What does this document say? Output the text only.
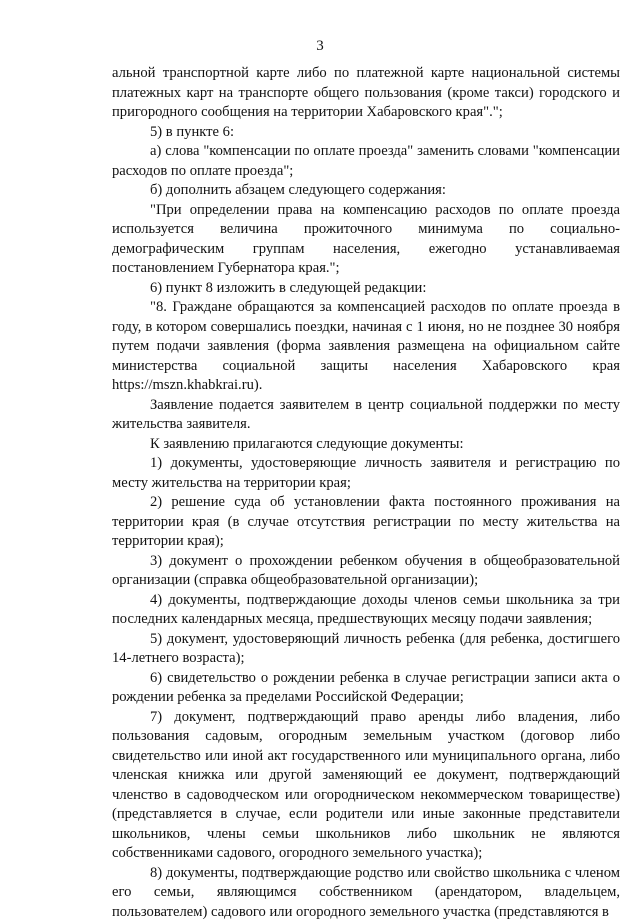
3

альной транспортной карте либо по платежной карте национальной системы платежных карт на транспорте общего пользования (кроме такси) городского и пригородного сообщения на территории Хабаровского края".";

5) в пункте 6:

а) слова "компенсации по оплате проезда" заменить словами "компенсации расходов по оплате проезда";

б) дополнить абзацем следующего содержания:

"При определении права на компенсацию расходов по оплате проезда используется величина прожиточного минимума по социально-демографическим группам населения, ежегодно устанавливаемая постановлением Губернатора края.";

6) пункт 8 изложить в следующей редакции:

"8. Граждане обращаются за компенсацией расходов по оплате проезда в году, в котором совершались поездки, начиная с 1 июня, но не позднее 30 ноября путем подачи заявления (форма заявления размещена на официальном сайте министерства социальной защиты населения Хабаровского края https://mszn.khabkrai.ru).

Заявление подается заявителем в центр социальной поддержки по месту жительства заявителя.

К заявлению прилагаются следующие документы:

1) документы, удостоверяющие личность заявителя и регистрацию по месту жительства на территории края;

2) решение суда об установлении факта постоянного проживания на территории края (в случае отсутствия регистрации по месту жительства на территории края);

3) документ о прохождении ребенком обучения в общеобразовательной организации (справка общеобразовательной организации);

4) документы, подтверждающие доходы членов семьи школьника за три последних календарных месяца, предшествующих месяцу подачи заявления;

5) документ, удостоверяющий личность ребенка (для ребенка, достигшего 14-летнего возраста);

6) свидетельство о рождении ребенка в случае регистрации записи акта о рождении ребенка за пределами Российской Федерации;

7) документ, подтверждающий право аренды либо владения, либо пользования садовым, огородным земельным участком (договор либо свидетельство или иной акт государственного или муниципального органа, либо членская книжка или другой заменяющий ее документ, подтверждающий членство в садоводческом или огородническом некоммерческом товариществе) (представляется в случае, если родители или иные законные представители школьников, члены семьи школьников либо школьник не являются собственниками садового, огородного земельного участка);

8) документы, подтверждающие родство или свойство школьника с членом его семьи, являющимся собственником (арендатором, владельцем, пользователем) садового или огородного земельного участка (представляются в
